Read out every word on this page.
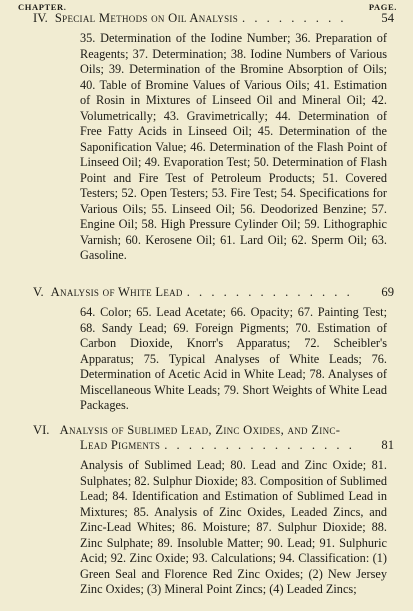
CHAPTER.	PAGE.
IV. Special Methods on Oil Analysis . . . . . . . . .	54

35. Determination of the Iodine Number; 36. Preparation of Reagents; 37. Determination; 38. Iodine Numbers of Various Oils; 39. Determination of the Bromine Absorption of Oils; 40. Table of Bromine Values of Various Oils; 41. Estimation of Rosin in Mixtures of Linseed Oil and Mineral Oil; 42. Volumetrically; 43. Gravimetrically; 44. Determination of Free Fatty Acids in Linseed Oil; 45. Determination of the Saponification Value; 46. Determination of the Flash Point of Linseed Oil; 49. Evaporation Test; 50. Determination of Flash Point and Fire Test of Petroleum Products; 51. Covered Testers; 52. Open Testers; 53. Fire Test; 54. Specifications for Various Oils; 55. Linseed Oil; 56. Deodorized Benzine; 57. Engine Oil; 58. High Pressure Cylinder Oil; 59. Lithographic Varnish; 60. Kerosene Oil; 61. Lard Oil; 62. Sperm Oil; 63. Gasoline.

V. Analysis of White Lead . . . . . . . . . . . . . .	69

64. Color; 65. Lead Acetate; 66. Opacity; 67. Painting Test; 68. Sandy Lead; 69. Foreign Pigments; 70. Estimation of Carbon Dioxide, Knorr's Apparatus; 72. Scheibler's Apparatus; 75. Typical Analyses of White Leads; 76. Determination of Acetic Acid in White Lead; 78. Analyses of Miscellaneous White Leads; 79. Short Weights of White Lead Packages.

VI. Analysis of Sublimed Lead, Zinc Oxides, and Zinc-
Lead Pigments . . . . . . . . . . . . . . . .	81

Analysis of Sublimed Lead; 80. Lead and Zinc Oxide; 81. Sulphates; 82. Sulphur Dioxide; 83. Composition of Sublimed Lead; 84. Identification and Estimation of Sublimed Lead in Mixtures; 85. Analysis of Zinc Oxides, Leaded Zincs, and Zinc-Lead Whites; 86. Moisture; 87. Sulphur Dioxide; 88. Zinc Sulphate; 89. Insoluble Matter; 90. Lead; 91. Sulphuric Acid; 92. Zinc Oxide; 93. Calculations; 94. Classification: (1) Green Seal and Florence Red Zinc Oxides; (2) New Jersey Zinc Oxides; (3) Mineral Point Zincs; (4) Leaded Zincs;
